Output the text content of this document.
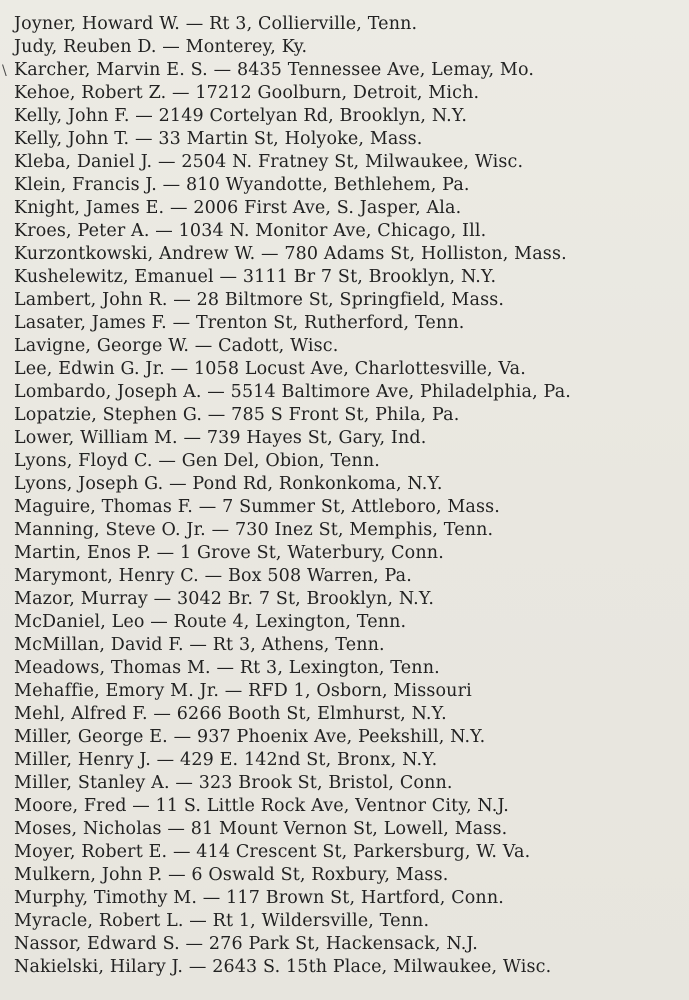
\
Joyner, Howard W. — Rt 3, Collierville, Tenn.
Judy, Reuben D. — Monterey, Ky.
Karcher, Marvin E. S. — 8435 Tennessee Ave, Lemay, Mo.
Kehoe, Robert Z. — 17212 Goolburn, Detroit, Mich.
Kelly, John F. — 2149 Cortelyan Rd, Brooklyn, N.Y.
Kelly, John T. — 33 Martin St, Holyoke, Mass.
Kleba, Daniel J. — 2504 N. Fratney St, Milwaukee, Wisc.
Klein, Francis J. — 810 Wyandotte, Bethlehem, Pa.
Knight, James E. — 2006 First Ave, S. Jasper, Ala.
Kroes, Peter A. — 1034 N. Monitor Ave, Chicago, Ill.
Kurzontkowski, Andrew W. — 780 Adams St, Holliston, Mass.
Kushelewitz, Emanuel — 3111 Br 7 St, Brooklyn, N.Y.
Lambert, John R. — 28 Biltmore St, Springfield, Mass.
Lasater, James F. — Trenton St, Rutherford, Tenn.
Lavigne, George W. — Cadott, Wisc.
Lee, Edwin G. Jr. — 1058 Locust Ave, Charlottesville, Va.
Lombardo, Joseph A. — 5514 Baltimore Ave, Philadelphia, Pa.
Lopatzie, Stephen G. — 785 S Front St, Phila, Pa.
Lower, William M. — 739 Hayes St, Gary, Ind.
Lyons, Floyd C. — Gen Del, Obion, Tenn.
Lyons, Joseph G. — Pond Rd, Ronkonkoma, N.Y.
Maguire, Thomas F. — 7 Summer St, Attleboro, Mass.
Manning, Steve O. Jr. — 730 Inez St, Memphis, Tenn.
Martin, Enos P. — 1 Grove St, Waterbury, Conn.
Marymont, Henry C. — Box 508 Warren, Pa.
Mazor, Murray — 3042 Br. 7 St, Brooklyn, N.Y.
McDaniel, Leo — Route 4, Lexington, Tenn.
McMillan, David F. — Rt 3, Athens, Tenn.
Meadows, Thomas M. — Rt 3, Lexington, Tenn.
Mehaffie, Emory M. Jr. — RFD 1, Osborn, Missouri
Mehl, Alfred F. — 6266 Booth St, Elmhurst, N.Y.
Miller, George E. — 937 Phoenix Ave, Peekshill, N.Y.
Miller, Henry J. — 429 E. 142nd St, Bronx, N.Y.
Miller, Stanley A. — 323 Brook St, Bristol, Conn.
Moore, Fred — 11 S. Little Rock Ave, Ventnor City, N.J.
Moses, Nicholas — 81 Mount Vernon St, Lowell, Mass.
Moyer, Robert E. — 414 Crescent St, Parkersburg, W. Va.
Mulkern, John P. — 6 Oswald St, Roxbury, Mass.
Murphy, Timothy M. — 117 Brown St, Hartford, Conn.
Myracle, Robert L. — Rt 1, Wildersville, Tenn.
Nassor, Edward S. — 276 Park St, Hackensack, N.J.
Nakielski, Hilary J. — 2643 S. 15th Place, Milwaukee, Wisc.
